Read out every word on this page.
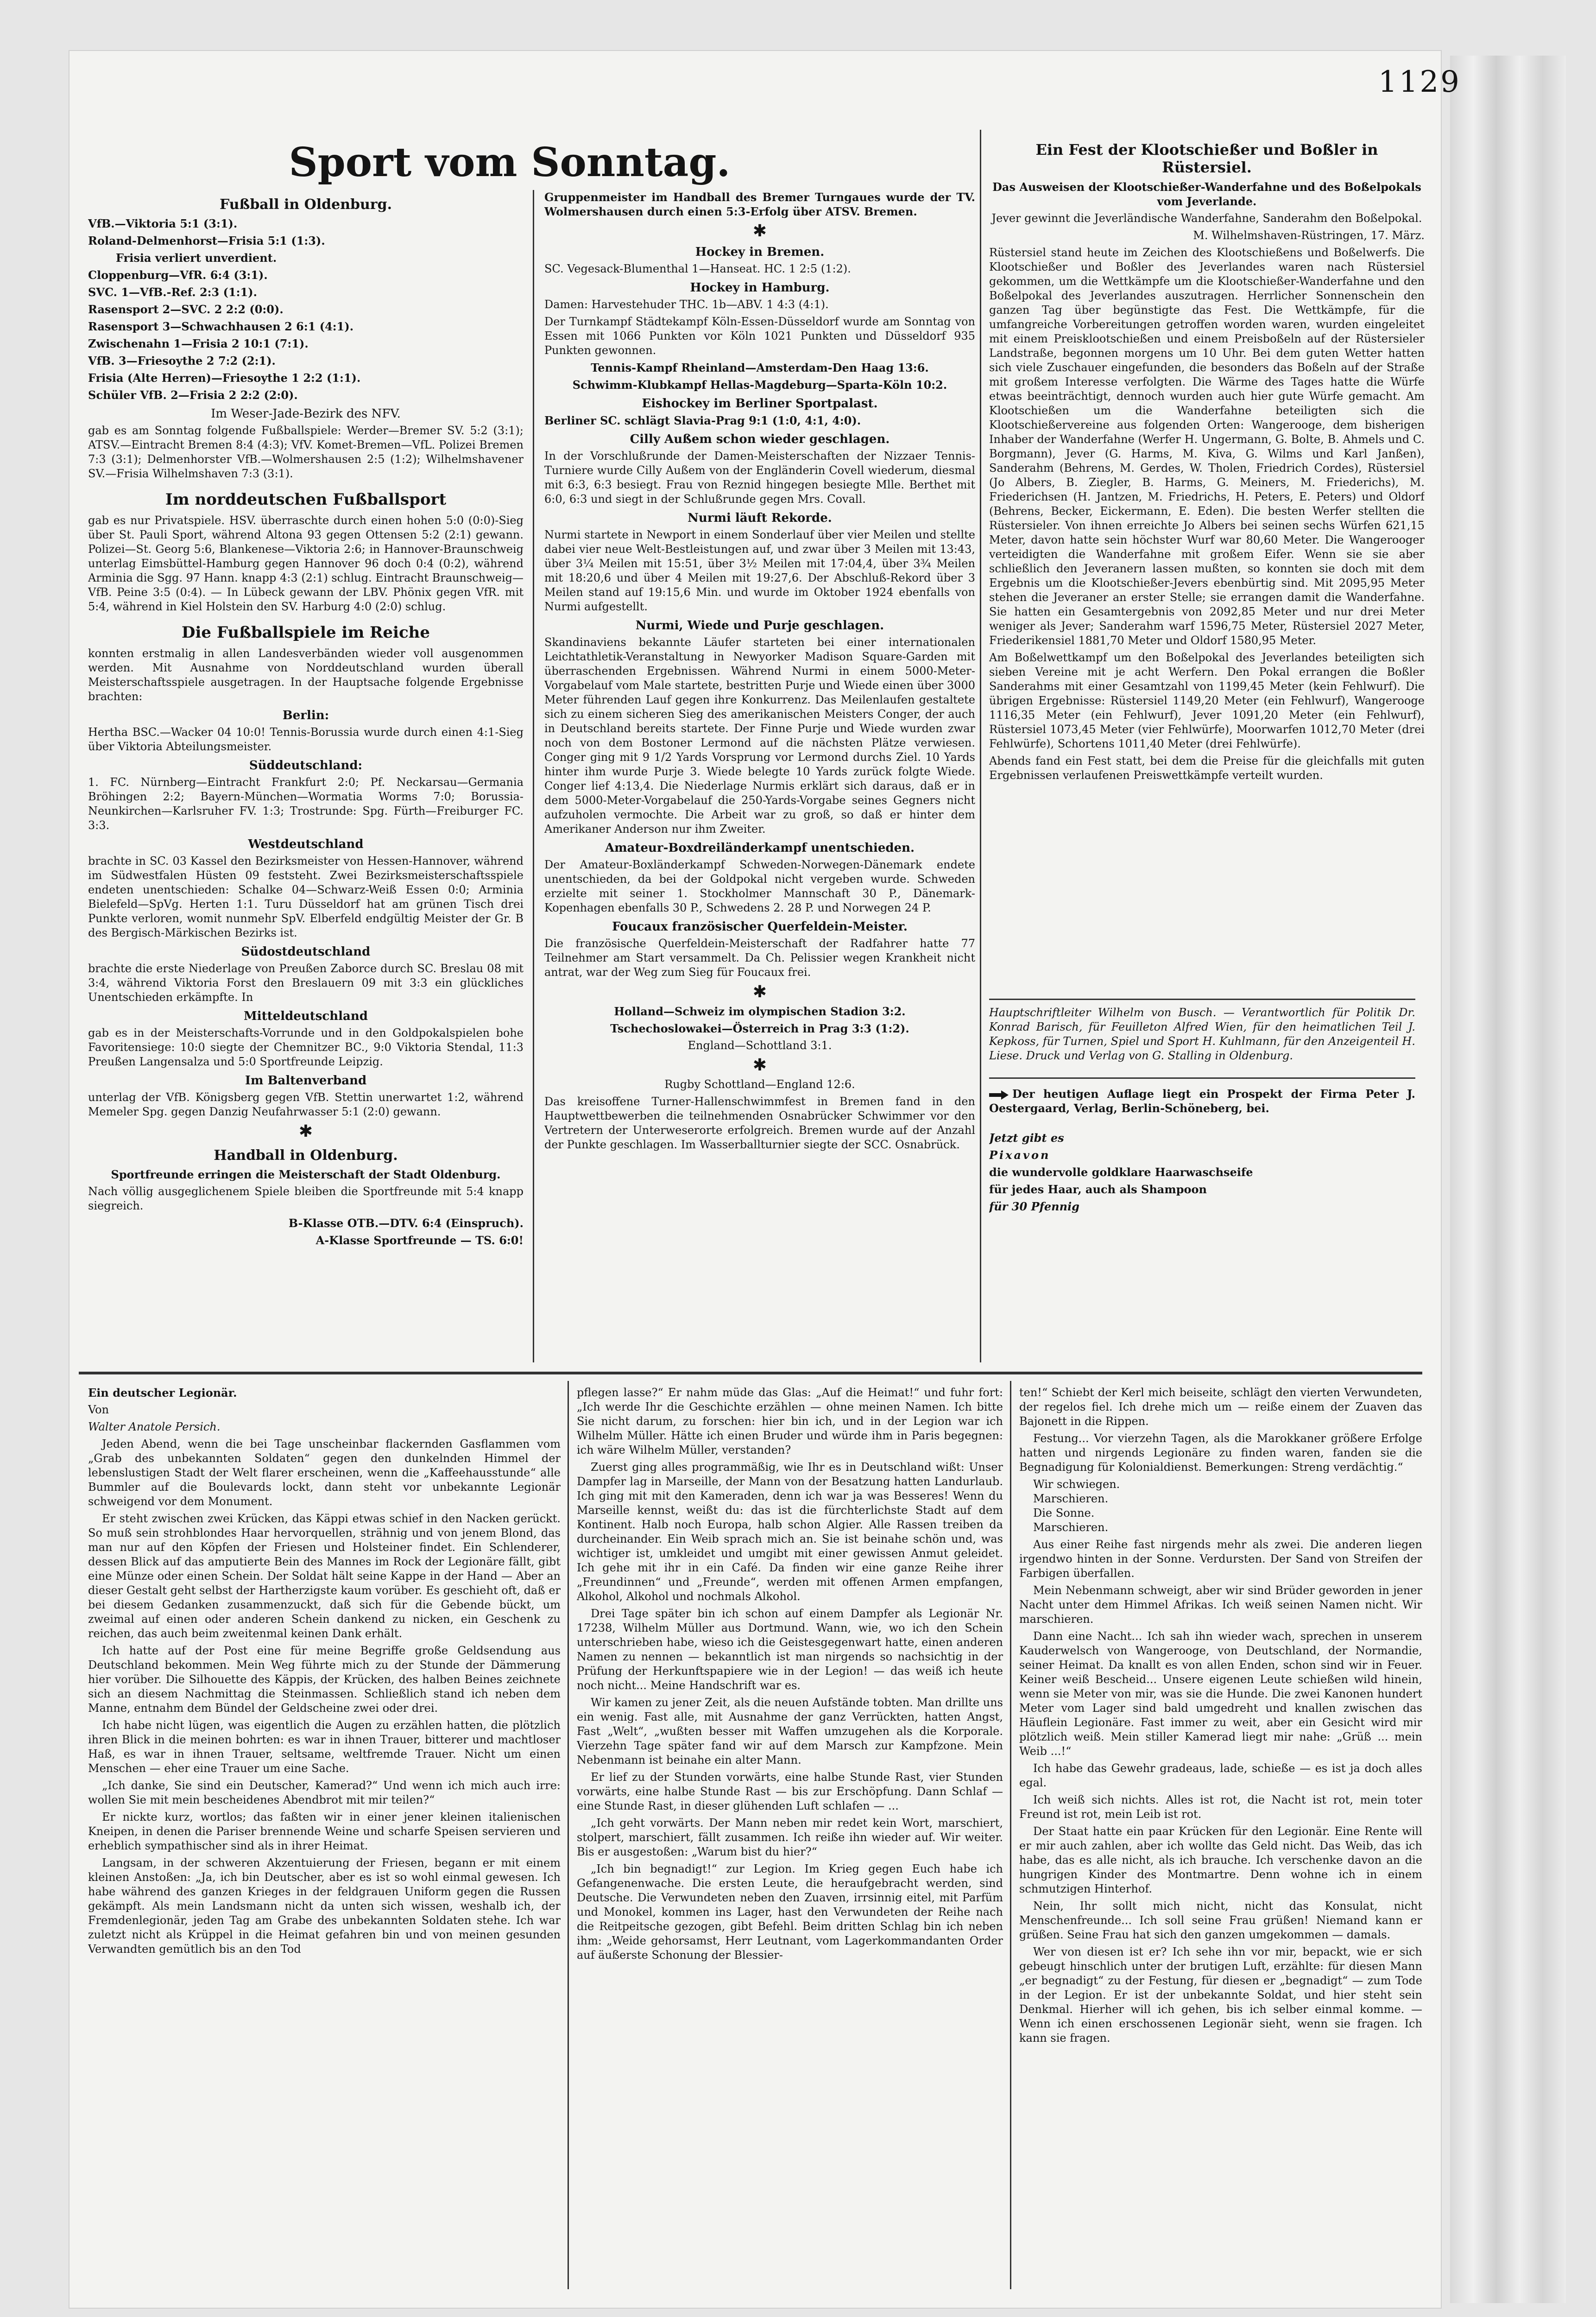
1129
Sport vom Sonntag.
Fußball in Oldenburg.

VfB.—Viktoria 5:1 (3:1).

Roland-Delmenhorst—Frisia 5:1 (1:3).

Frisia verliert unverdient.

Cloppenburg—VfR. 6:4 (3:1).

SVC. 1—VfB.-Ref. 2:3 (1:1).

Rasensport 2—SVC. 2 2:2 (0:0).

Rasensport 3—Schwachhausen 2 6:1 (4:1).

Zwischenahn 1—Frisia 2 10:1 (7:1).

VfB. 3—Friesoythe 2 7:2 (2:1).

Frisia (Alte Herren)—Friesoythe 1 2:2 (1:1).

Schüler VfB. 2—Frisia 2 2:2 (2:0).

Im Weser-Jade-Bezirk des NFV.

gab es am Sonntag folgende Fußballspiele: Werder—Bremer SV. 5:2 (3:1); ATSV.—Eintracht Bremen 8:4 (4:3); VfV. Komet-Bremen—VfL. Polizei Bremen 7:3 (3:1); Delmenhorster VfB.—Wolmershausen 2:5 (1:2); Wilhelmshavener SV.—Frisia Wilhelmshaven 7:3 (3:1).

Im norddeutschen Fußballsport

gab es nur Privatspiele. HSV. überraschte durch einen hohen 5:0 (0:0)-Sieg über St. Pauli Sport, während Altona 93 gegen Ottensen 5:2 (2:1) gewann. Polizei—St. Georg 5:6, Blankenese—Viktoria 2:6; in Hannover-Braunschweig unterlag Eimsbüttel-Hamburg gegen Hannover 96 doch 0:4 (0:2), während Arminia die Sgg. 97 Hann. knapp 4:3 (2:1) schlug. Eintracht Braunschweig—VfB. Peine 3:5 (0:4). — In Lübeck gewann der LBV. Phönix gegen VfR. mit 5:4, während in Kiel Holstein den SV. Harburg 4:0 (2:0) schlug.

Die Fußballspiele im Reiche

konnten erstmalig in allen Landesverbänden wieder voll ausgenommen werden. Mit Ausnahme von Norddeutschland wurden überall Meisterschaftsspiele ausgetragen. In der Hauptsache folgende Ergebnisse brachten:

Berlin:

Hertha BSC.—Wacker 04 10:0! Tennis-Borussia wurde durch einen 4:1-Sieg über Viktoria Abteilungsmeister.

Süddeutschland:

1. FC. Nürnberg—Eintracht Frankfurt 2:0; Pf. Neckarsau—Germania Bröhingen 2:2; Bayern-München—Wormatia Worms 7:0; Borussia-Neunkirchen—Karlsruher FV. 1:3; Trostrunde: Spg. Fürth—Freiburger FC. 3:3.

Westdeutschland

brachte in SC. 03 Kassel den Bezirksmeister von Hessen-Hannover, während im Südwestfalen Hüsten 09 feststeht. Zwei Bezirksmeisterschaftsspiele endeten unentschieden: Schalke 04—Schwarz-Weiß Essen 0:0; Arminia Bielefeld—SpVg. Herten 1:1. Turu Düsseldorf hat am grünen Tisch drei Punkte verloren, womit nunmehr SpV. Elberfeld endgültig Meister der Gr. B des Bergisch-Märkischen Bezirks ist.

Südostdeutschland

brachte die erste Niederlage von Preußen Zaborce durch SC. Breslau 08 mit 3:4, während Viktoria Forst den Breslauern 09 mit 3:3 ein glückliches Unentschieden erkämpfte. In

Mitteldeutschland

gab es in der Meisterschafts-Vorrunde und in den Goldpokalspielen bohe Favoritensiege: 10:0 siegte der Chemnitzer BC., 9:0 Viktoria Stendal, 11:3 Preußen Langensalza und 5:0 Sportfreunde Leipzig.

Im Baltenverband

unterlag der VfB. Königsberg gegen VfB. Stettin unerwartet 1:2, während Memeler Spg. gegen Danzig Neufahrwasser 5:1 (2:0) gewann.

✱
Handball in Oldenburg.

Sportfreunde erringen die Meisterschaft der Stadt Oldenburg.

Nach völlig ausgeglichenem Spiele bleiben die Sportfreunde mit 5:4 knapp siegreich.

B-Klasse OTB.—DTV. 6:4 (Einspruch).

A-Klasse Sportfreunde — TS. 6:0!

Gruppenmeister im Handball des Bremer Turngaues wurde der TV. Wolmershausen durch einen 5:3-Erfolg über ATSV. Bremen.

✱
Hockey in Bremen.

SC. Vegesack-Blumenthal 1—Hanseat. HC. 1 2:5 (1:2).

Hockey in Hamburg.

Damen: Harvestehuder THC. 1b—ABV. 1 4:3 (4:1).

Der Turnkampf Städtekampf Köln-Essen-Düsseldorf wurde am Sonntag von Essen mit 1066 Punkten vor Köln 1021 Punkten und Düsseldorf 935 Punkten gewonnen.

Tennis-Kampf Rheinland—Amsterdam-Den Haag 13:6.

Schwimm-Klubkampf Hellas-Magdeburg—Sparta-Köln 10:2.

Eishockey im Berliner Sportpalast.

Berliner SC. schlägt Slavia-Prag 9:1 (1:0, 4:1, 4:0).

Cilly Außem schon wieder geschlagen.

In der Vorschlußrunde der Damen-Meisterschaften der Nizzaer Tennis-Turniere wurde Cilly Außem von der Engländerin Covell wiederum, diesmal mit 6:3, 6:3 besiegt. Frau von Reznid hingegen besiegte Mlle. Berthet mit 6:0, 6:3 und siegt in der Schlußrunde gegen Mrs. Covall.

Nurmi läuft Rekorde.

Nurmi startete in Newport in einem Sonderlauf über vier Meilen und stellte dabei vier neue Welt-Bestleistungen auf, und zwar über 3 Meilen mit 13:43, über 3¼ Meilen mit 15:51, über 3½ Meilen mit 17:04,4, über 3¾ Meilen mit 18:20,6 und über 4 Meilen mit 19:27,6. Der Abschluß-Rekord über 3 Meilen stand auf 19:15,6 Min. und wurde im Oktober 1924 ebenfalls von Nurmi aufgestellt.

Nurmi, Wiede und Purje geschlagen.

Skandinaviens bekannte Läufer starteten bei einer internationalen Leichtathletik-Veranstaltung in Newyorker Madison Square-Garden mit überraschenden Ergebnissen. Während Nurmi in einem 5000-Meter-Vorgabelauf vom Male startete, bestritten Purje und Wiede einen über 3000 Meter führenden Lauf gegen ihre Konkurrenz. Das Meilenlaufen gestaltete sich zu einem sicheren Sieg des amerikanischen Meisters Conger, der auch in Deutschland bereits startete. Der Finne Purje und Wiede wurden zwar noch von dem Bostoner Lermond auf die nächsten Plätze verwiesen. Conger ging mit 9 1/2 Yards Vorsprung vor Lermond durchs Ziel. 10 Yards hinter ihm wurde Purje 3. Wiede belegte 10 Yards zurück folgte Wiede. Conger lief 4:13,4. Die Niederlage Nurmis erklärt sich daraus, daß er in dem 5000-Meter-Vorgabelauf die 250-Yards-Vorgabe seines Gegners nicht aufzuholen vermochte. Die Arbeit war zu groß, so daß er hinter dem Amerikaner Anderson nur ihm Zweiter.

Amateur-Boxdreiländerkampf unentschieden.

Der Amateur-Boxländerkampf Schweden-Norwegen-Dänemark endete unentschieden, da bei der Goldpokal nicht vergeben wurde. Schweden erzielte mit seiner 1. Stockholmer Mannschaft 30 P., Dänemark-Kopenhagen ebenfalls 30 P., Schwedens 2. 28 P. und Norwegen 24 P.

Foucaux französischer Querfeldein-Meister.

Die französische Querfeldein-Meisterschaft der Radfahrer hatte 77 Teilnehmer am Start versammelt. Da Ch. Pelissier wegen Krankheit nicht antrat, war der Weg zum Sieg für Foucaux frei.

✱

Holland—Schweiz im olympischen Stadion 3:2.

Tschechoslowakei—Österreich in Prag 3:3 (1:2).

England—Schottland 3:1.

✱

Rugby Schottland—England 12:6.

Das kreisoffene Turner-Hallenschwimmfest in Bremen fand in den Hauptwettbewerben die teilnehmenden Osnabrücker Schwimmer vor den Vertretern der Unterweserorte erfolgreich. Bremen wurde auf der Anzahl der Punkte geschlagen. Im Wasserballturnier siegte der SCC. Osnabrück.

Ein Fest der Klootschießer und Boßler in Rüstersiel.

Das Ausweisen der Klootschießer-Wanderfahne und des Boßelpokals vom Jeverlande.

Jever gewinnt die Jeverländische Wanderfahne, Sanderahm den Boßelpokal.

M. Wilhelmshaven-Rüstringen, 17. März.

Rüstersiel stand heute im Zeichen des Klootschießens und Boßelwerfs. Die Klootschießer und Boßler des Jeverlandes waren nach Rüstersiel gekommen, um die Wettkämpfe um die Klootschießer-Wanderfahne und den Boßelpokal des Jeverlandes auszutragen. Herrlicher Sonnenschein den ganzen Tag über begünstigte das Fest. Die Wettkämpfe, für die umfangreiche Vorbereitungen getroffen worden waren, wurden eingeleitet mit einem Preisklootschießen und einem Preisboßeln auf der Rüstersieler Landstraße, begonnen morgens um 10 Uhr. Bei dem guten Wetter hatten sich viele Zuschauer eingefunden, die besonders das Boßeln auf der Straße mit großem Interesse verfolgten. Die Wärme des Tages hatte die Würfe etwas beeinträchtigt, dennoch wurden auch hier gute Würfe gemacht. Am Klootschießen um die Wanderfahne beteiligten sich die Klootschießervereine aus folgenden Orten: Wangerooge, dem bisherigen Inhaber der Wanderfahne (Werfer H. Ungermann, G. Bolte, B. Ahmels und C. Borgmann), Jever (G. Harms, M. Kiva, G. Wilms und Karl Janßen), Sanderahm (Behrens, M. Gerdes, W. Tholen, Friedrich Cordes), Rüstersiel (Jo Albers, B. Ziegler, B. Harms, G. Meiners, M. Friederichs), M. Friederichsen (H. Jantzen, M. Friedrichs, H. Peters, E. Peters) und Oldorf (Behrens, Becker, Eickermann, E. Eden). Die besten Werfer stellten die Rüstersieler. Von ihnen erreichte Jo Albers bei seinen sechs Würfen 621,15 Meter, davon hatte sein höchster Wurf war 80,60 Meter. Die Wangerooger verteidigten die Wanderfahne mit großem Eifer. Wenn sie sie aber schließlich den Jeveranern lassen mußten, so konnten sie doch mit dem Ergebnis um die Klootschießer-Jevers ebenbürtig sind. Mit 2095,95 Meter stehen die Jeveraner an erster Stelle; sie errangen damit die Wanderfahne. Sie hatten ein Gesamtergebnis von 2092,85 Meter und nur drei Meter weniger als Jever; Sanderahm warf 1596,75 Meter, Rüstersiel 2027 Meter, Friederikensiel 1881,70 Meter und Oldorf 1580,95 Meter.

Am Boßelwettkampf um den Boßelpokal des Jeverlandes beteiligten sich sieben Vereine mit je acht Werfern. Den Pokal errangen die Boßler Sanderahms mit einer Gesamtzahl von 1199,45 Meter (kein Fehlwurf). Die übrigen Ergebnisse: Rüstersiel 1149,20 Meter (ein Fehlwurf), Wangerooge 1116,35 Meter (ein Fehlwurf), Jever 1091,20 Meter (ein Fehlwurf), Rüstersiel 1073,45 Meter (vier Fehlwürfe), Moorwarfen 1012,70 Meter (drei Fehlwürfe), Schortens 1011,40 Meter (drei Fehlwürfe).

Abends fand ein Fest statt, bei dem die Preise für die gleichfalls mit guten Ergebnissen verlaufenen Preiswettkämpfe verteilt wurden.

Hauptschriftleiter Wilhelm von Busch. — Verantwortlich für Politik Dr. Konrad Barisch, für Feuilleton Alfred Wien, für den heimatlichen Teil J. Kepkoss, für Turnen, Spiel und Sport H. Kuhlmann, für den Anzeigenteil H. Liese. Druck und Verlag von G. Stalling in Oldenburg.

Der heutigen Auflage liegt ein Prospekt der Firma Peter J. Oestergaard, Verlag, Berlin-Schöneberg, bei.

Jetzt gibt es

Pixavon

die wundervolle goldklare Haarwaschseife

für jedes Haar, auch als Shampoon

für 30 Pfennig

Ein deutscher Legionär.

Von

Walter Anatole Persich.

Jeden Abend, wenn die bei Tage unscheinbar flackernden Gasflammen vom „Grab des unbekannten Soldaten“ gegen den dunkelnden Himmel der lebenslustigen Stadt der Welt flarer erscheinen, wenn die „Kaffeehausstunde“ alle Bummler auf die Boulevards lockt, dann steht vor unbekannte Legionär schweigend vor dem Monument.

Er steht zwischen zwei Krücken, das Käppi etwas schief in den Nacken gerückt. So muß sein strohblondes Haar hervorquellen, strähnig und von jenem Blond, das man nur auf den Köpfen der Friesen und Holsteiner findet. Ein Schlenderer, dessen Blick auf das amputierte Bein des Mannes im Rock der Legionäre fällt, gibt eine Münze oder einen Schein. Der Soldat hält seine Kappe in der Hand — Aber an dieser Gestalt geht selbst der Hartherzigste kaum vorüber. Es geschieht oft, daß er bei diesem Gedanken zusammenzuckt, daß sich für die Gebende bückt, um zweimal auf einen oder anderen Schein dankend zu nicken, ein Geschenk zu reichen, das auch beim zweitenmal keinen Dank erhält.

Ich hatte auf der Post eine für meine Begriffe große Geldsendung aus Deutschland bekommen. Mein Weg führte mich zu der Stunde der Dämmerung hier vorüber. Die Silhouette des Käppis, der Krücken, des halben Beines zeichnete sich an diesem Nachmittag die Steinmassen. Schließlich stand ich neben dem Manne, entnahm dem Bündel der Geldscheine zwei oder drei.

Ich habe nicht lügen, was eigentlich die Augen zu erzählen hatten, die plötzlich ihren Blick in die meinen bohrten: es war in ihnen Trauer, bitterer und machtloser Haß, es war in ihnen Trauer, seltsame, weltfremde Trauer. Nicht um einen Menschen — eher eine Trauer um eine Sache.

„Ich danke, Sie sind ein Deutscher, Kamerad?“ Und wenn ich mich auch irre: wollen Sie mit mein bescheidenes Abendbrot mit mir teilen?“

Er nickte kurz, wortlos; das faßten wir in einer jener kleinen italienischen Kneipen, in denen die Pariser brennende Weine und scharfe Speisen servieren und erheblich sympathischer sind als in ihrer Heimat.

Langsam, in der schweren Akzentuierung der Friesen, begann er mit einem kleinen Anstoßen: „Ja, ich bin Deutscher, aber es ist so wohl einmal gewesen. Ich habe während des ganzen Krieges in der feldgrauen Uniform gegen die Russen gekämpft. Als mein Landsmann nicht da unten sich wissen, weshalb ich, der Fremdenlegionär, jeden Tag am Grabe des unbekannten Soldaten stehe. Ich war zuletzt nicht als Krüppel in die Heimat gefahren bin und von meinen gesunden Verwandten gemütlich bis an den Tod

pflegen lasse?“ Er nahm müde das Glas: „Auf die Heimat!“ und fuhr fort: „Ich werde Ihr die Geschichte erzählen — ohne meinen Namen. Ich bitte Sie nicht darum, zu forschen: hier bin ich, und in der Legion war ich Wilhelm Müller. Hätte ich einen Bruder und würde ihm in Paris begegnen: ich wäre Wilhelm Müller, verstanden?

Zuerst ging alles programmäßig, wie Ihr es in Deutschland wißt: Unser Dampfer lag in Marseille, der Mann von der Besatzung hatten Landurlaub. Ich ging mit mit den Kameraden, denn ich war ja was Besseres! Wenn du Marseille kennst, weißt du: das ist die fürchterlichste Stadt auf dem Kontinent. Halb noch Europa, halb schon Algier. Alle Rassen treiben da durcheinander. Ein Weib sprach mich an. Sie ist beinahe schön und, was wichtiger ist, umkleidet und umgibt mit einer gewissen Anmut geleidet. Ich gehe mit ihr in ein Café. Da finden wir eine ganze Reihe ihrer „Freundinnen“ und „Freunde“, werden mit offenen Armen empfangen, Alkohol, Alkohol und nochmals Alkohol.

Drei Tage später bin ich schon auf einem Dampfer als Legionär Nr. 17238, Wilhelm Müller aus Dortmund. Wann, wie, wo ich den Schein unterschrieben habe, wieso ich die Geistesgegenwart hatte, einen anderen Namen zu nennen — bekanntlich ist man nirgends so nachsichtig in der Prüfung der Herkunftspapiere wie in der Legion! — das weiß ich heute noch nicht... Meine Handschrift war es.

Wir kamen zu jener Zeit, als die neuen Aufstände tobten. Man drillte uns ein wenig. Fast alle, mit Ausnahme der ganz Verrückten, hatten Angst, Fast „Welt“, „wußten besser mit Waffen umzugehen als die Korporale. Vierzehn Tage später fand wir auf dem Marsch zur Kampfzone. Mein Nebenmann ist beinahe ein alter Mann.

Er lief zu der Stunden vorwärts, eine halbe Stunde Rast, vier Stunden vorwärts, eine halbe Stunde Rast — bis zur Erschöpfung. Dann Schlaf — eine Stunde Rast, in dieser glühenden Luft schlafen — ...

„Ich geht vorwärts. Der Mann neben mir redet kein Wort, marschiert, stolpert, marschiert, fällt zusammen. Ich reiße ihn wieder auf. Wir weiter. Bis er ausgestoßen: „Warum bist du hier?“

„Ich bin begnadigt!“ zur Legion. Im Krieg gegen Euch habe ich Gefangenenwache. Die ersten Leute, die heraufgebracht werden, sind Deutsche. Die Verwundeten neben den Zuaven, irrsinnig eitel, mit Parfüm und Monokel, kommen ins Lager, hast den Verwundeten der Reihe nach die Reitpeitsche gezogen, gibt Befehl. Beim dritten Schlag bin ich neben ihm: „Weide gehorsamst, Herr Leutnant, vom Lagerkommandanten Order auf äußerste Schonung der Blessier-

ten!“ Schiebt der Kerl mich beiseite, schlägt den vierten Verwundeten, der regelos fiel. Ich drehe mich um — reiße einem der Zuaven das Bajonett in die Rippen.

Festung... Vor vierzehn Tagen, als die Marokkaner größere Erfolge hatten und nirgends Legionäre zu finden waren, fanden sie die Begnadigung für Kolonialdienst. Bemerkungen: Streng verdächtig.“

Wir schwiegen.

Marschieren.

Die Sonne.

Marschieren.

Aus einer Reihe fast nirgends mehr als zwei. Die anderen liegen irgendwo hinten in der Sonne. Verdursten. Der Sand von Streifen der Farbigen überfallen.

Mein Nebenmann schweigt, aber wir sind Brüder geworden in jener Nacht unter dem Himmel Afrikas. Ich weiß seinen Namen nicht. Wir marschieren.

Dann eine Nacht... Ich sah ihn wieder wach, sprechen in unserem Kauderwelsch von Wangerooge, von Deutschland, der Normandie, seiner Heimat. Da knallt es von allen Enden, schon sind wir in Feuer. Keiner weiß Bescheid... Unsere eigenen Leute schießen wild hinein, wenn sie Meter von mir, was sie die Hunde. Die zwei Kanonen hundert Meter vom Lager sind bald umgedreht und knallen zwischen das Häuflein Legionäre. Fast immer zu weit, aber ein Gesicht wird mir plötzlich weiß. Mein stiller Kamerad liegt mir nahe: „Grüß ... mein Weib ...!“

Ich habe das Gewehr gradeaus, lade, schieße — es ist ja doch alles egal.

Ich weiß sich nichts. Alles ist rot, die Nacht ist rot, mein toter Freund ist rot, mein Leib ist rot.

Der Staat hatte ein paar Krücken für den Legionär. Eine Rente will er mir auch zahlen, aber ich wollte das Geld nicht. Das Weib, das ich habe, das es alle nicht, als ich brauche. Ich verschenke davon an die hungrigen Kinder des Montmartre. Denn wohne ich in einem schmutzigen Hinterhof.

Nein, Ihr sollt mich nicht, nicht das Konsulat, nicht Menschenfreunde... Ich soll seine Frau grüßen! Niemand kann er grüßen. Seine Frau hat sich den ganzen umgekommen — damals.

Wer von diesen ist er? Ich sehe ihn vor mir, bepackt, wie er sich gebeugt hinschlich unter der brutigen Luft, erzählte: für diesen Mann „er begnadigt“ zu der Festung, für diesen er „begnadigt“ — zum Tode in der Legion. Er ist der unbekannte Soldat, und hier steht sein Denkmal. Hierher will ich gehen, bis ich selber einmal komme. — Wenn ich einen erschossenen Legionär sieht, wenn sie fragen. Ich kann sie fragen.
